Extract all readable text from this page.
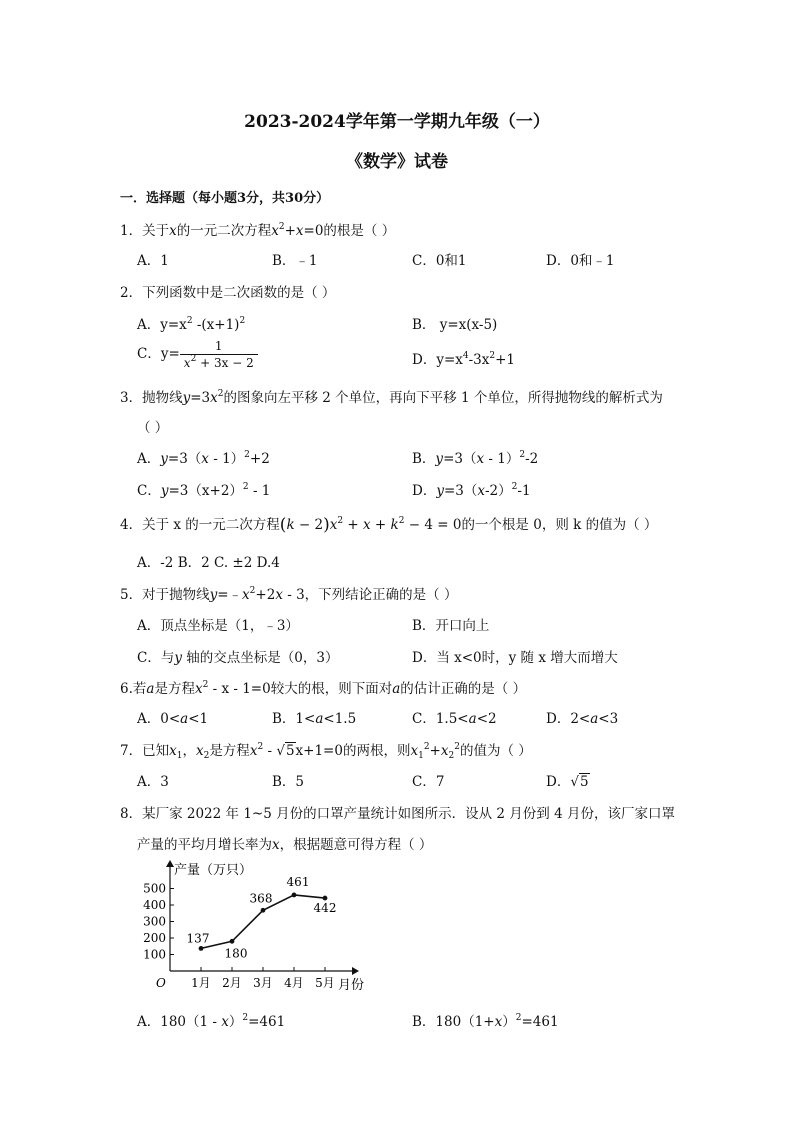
2023-2024学年第一学期九年级（一）
《数学》试卷
一．选择题（每小题3分，共30分）
1．关于x的一元二次方程$x^2+x=0$的根是（ ）
A．1	B．﹣1	C．0和1	D．0和﹣1
2．下列函数中是二次函数的是（ ）
A．$y=x^2$ $-(x+1)^2$	B． y=x(x-5)
C．$y= \frac{1}{x^2 + 3x - 2}$	D．$y=x^4-3x^2+1$
3．抛物线$y=3x^2$的图象向左平移 2 个单位，再向下平移 1 个单位，所得抛物线的解析式为
（ ）
A．y=3（x - 1）$^2$+2	B．y=3（x - 1）$^2$-2
C．$y=3(x+2)^2 - 1$	D．$y=3(x-2)^2-1$
4．关于 x 的一元二次方程$(k - 2)x^2 + x + k^2 - 4 = 0$的一个根是 0，则 k 的值为（ ）
A．-2 B．2 C. ±2 D.4
5．对于抛物线$y=﹣x^2+2x - 3$，下列结论正确的是（ ）
A．顶点坐标是（1，﹣3）	B．开口向上
C．与y 轴的交点坐标是（0，3）	D．当 x<0时，y 随 x 增大而增大
6.若a是方程$x^2 - x - 1=0$较大的根，则下面对a的估计正确的是（ ）
A．0<a<1	B．1<a<1.5	C．1.5<a<2	D．2<a<3
7．已知$x_1$，$x_2$是方程$x^2 - √5x+1=0$的两根，则$x_1^2+x_2^2$的值为（ ）
A．3	B．5	C．7	D．√5
8．某厂家 2022 年 1~5 月份的口罩产量统计如图所示．设从 2 月份到 4 月份，该厂家口罩
产量的平均月增长率为x，根据题意可得方程（ ）
产量（万只）
月份
O
100
200
300
400
500
1月 2月 3月 4月 5月
137
180
368
461
442
A．180（1 - x）$^2$=461	B．$180(1+x)^2=461$
